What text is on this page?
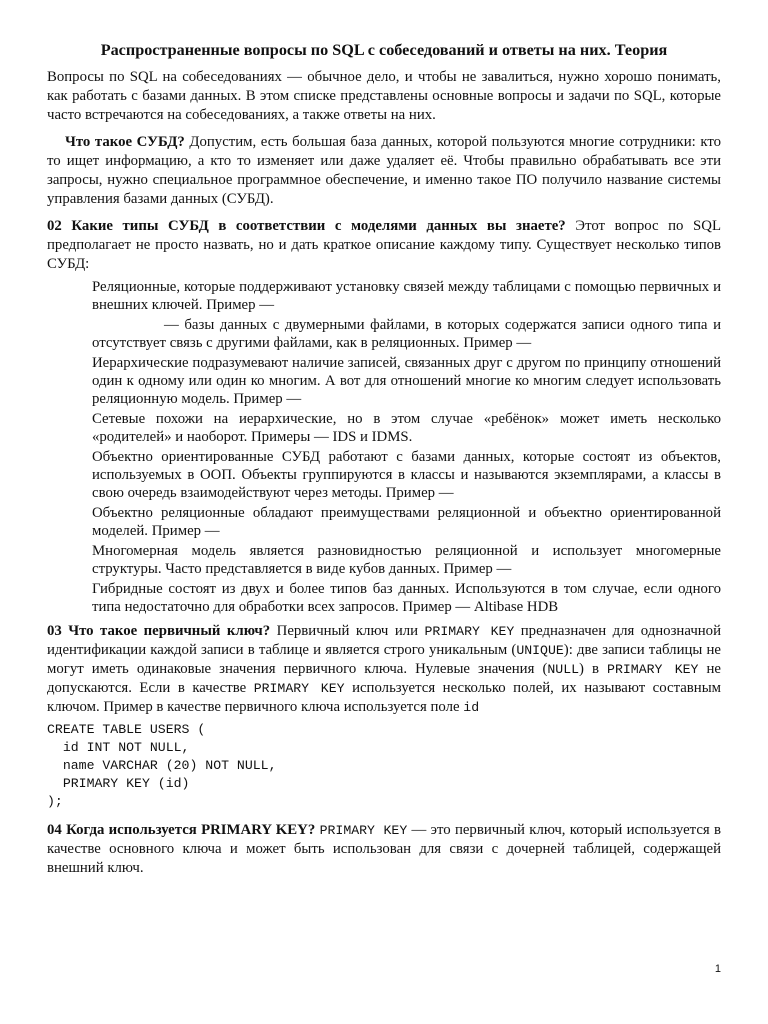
Распространенные вопросы по SQL с собеседований и ответы на них. Теория

Вопросы по SQL на собеседованиях — обычное дело, и чтобы не завалиться, нужно хорошо понимать, как работать с базами данных. В этом списке представлены основные вопросы и задачи по SQL, которые часто встречаются на собеседованиях, а также ответы на них.

Что такое СУБД? Допустим, есть большая база данных, которой пользуются многие сотрудники: кто то ищет информацию, а кто то изменяет или даже удаляет её. Чтобы правильно обрабатывать все эти запросы, нужно специальное программное обеспечение, и именно такое ПО получило название системы управления базами данных (СУБД).

02 Какие типы СУБД в соответствии с моделями данных вы знаете? Этот вопрос по SQL предполагает не просто назвать, но и дать краткое описание каждому типу. Существует несколько типов СУБД:

Реляционные, которые поддерживают установку связей между таблицами с помощью первичных и внешних ключей. Пример —
— базы данных с двумерными файлами, в которых содержатся записи одного типа и отсутствует связь с другими файлами, как в реляционных. Пример —
Иерархические подразумевают наличие записей, связанных друг с другом по принципу отношений один к одному или один ко многим. А вот для отношений многие ко многим следует использовать реляционную модель. Пример —
Сетевые похожи на иерархические, но в этом случае «ребёнок» может иметь несколько «родителей» и наоборот. Примеры — IDS и IDMS.
Объектно ориентированные СУБД работают с базами данных, которые состоят из объектов, используемых в ООП. Объекты группируются в классы и называются экземплярами, а классы в свою очередь взаимодействуют через методы. Пример —
Объектно реляционные обладают преимуществами реляционной и объектно ориентированной моделей. Пример —
Многомерная модель является разновидностью реляционной и использует многомерные структуры. Часто представляется в виде кубов данных. Пример —
Гибридные состоят из двух и более типов баз данных. Используются в том случае, если одного типа недостаточно для обработки всех запросов. Пример — Altibase HDB

03 Что такое первичный ключ? Первичный ключ или PRIMARY KEY предназначен для однозначной идентификации каждой записи в таблице и является строго уникальным (UNIQUE): две записи таблицы не могут иметь одинаковые значения первичного ключа. Нулевые значения (NULL) в PRIMARY KEY не допускаются. Если в качестве PRIMARY KEY используется несколько полей, их называют составным ключом. Пример в качестве первичного ключа используется поле id

CREATE TABLE USERS (
id INT NOT NULL,
name VARCHAR (20) NOT NULL,
PRIMARY KEY (id)
);

04 Когда используется PRIMARY KEY? PRIMARY KEY — это первичный ключ, который используется в качестве основного ключа и может быть использован для связи с дочерней таблицей, содержащей внешний ключ.

1
